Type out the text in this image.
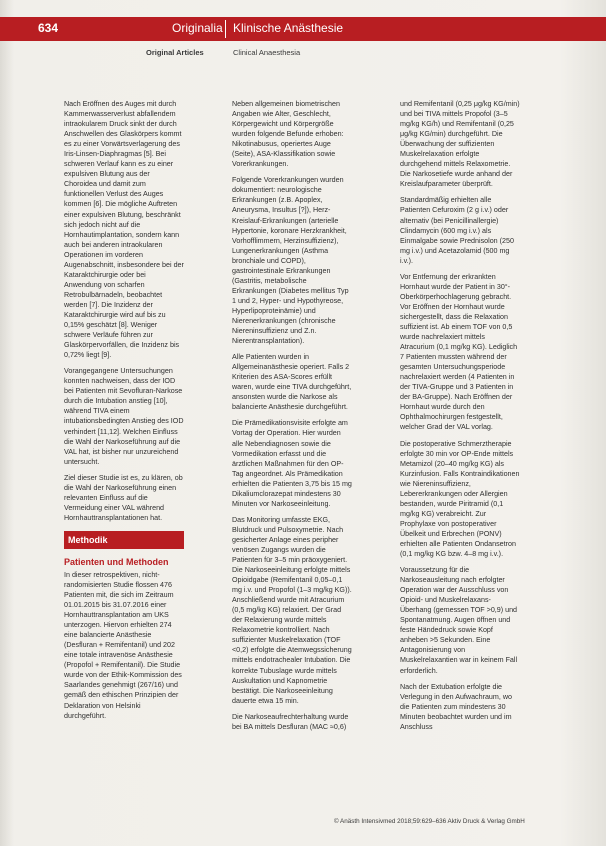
634	Originalia Klinische Anästhesie
Original Articles	Clinical Anaesthesia

Nach Eröffnen des Auges mit durch Kammerwasserverlust abfallendem intraokularem Druck sinkt der durch Anschwellen des Glaskörpers kommt es zu einer Vorwärtsverlagerung des Iris-Linsen-Diaphragmas [5]. Bei schweren Verlauf kann es zu einer expulsiven Blutung aus der Choroidea und damit zum funktionellen Verlust des Auges kommen [6]. Die mögliche Auftreten einer expulsiven Blutung, beschränkt sich jedoch nicht auf die Hornhautimplantation, sondern kann auch bei anderen intraokularen Operationen im vorderen Augenabschnitt, insbesondere bei der Kataraktchirurgie oder bei Anwendung von scharfen Retrobulbärnadeln, beobachtet werden [7]. Die Inzidenz der Kataraktchirurgie wird auf bis zu 0,15% geschätzt [8]. Weniger schwere Verläufe führen zur Glaskörpervorfällen, die Inzidenz bis 0,72% liegt [9].

Vorangegangene Untersuchungen konnten nachweisen, dass der IOD bei Patienten mit Sevofluran-Narkose durch die Intubation anstieg [10], während TIVA einem intubationsbedingten Anstieg des IOD verhindert [11,12]. Welchen Einfluss die Wahl der Narkoseführung auf die VAL hat, ist bisher nur unzureichend untersucht.

Ziel dieser Studie ist es, zu klären, ob die Wahl der Narkoseführung einen relevanten Einfluss auf die Vermeidung einer VAL während Hornhauttransplantationen hat.

Methodik
Patienten und Methoden

In dieser retrospektiven, nicht-randomisierten Studie flossen 476 Patienten mit, die sich im Zeitraum 01.01.2015 bis 31.07.2016 einer Hornhauttransplantation am UKS unterzogen. Hiervon erhielten 274 eine balancierte Anästhesie (Desfluran + Remifentanil) und 202 eine totale intravenöse Anästhesie (Propofol + Remifentanil). Die Studie wurde von der Ethik-Kommission des Saarlandes genehmigt (267/16) und gemäß den ethischen Prinzipien der Deklaration von Helsinki durchgeführt.

Neben allgemeinen biometrischen Angaben wie Alter, Geschlecht, Körpergewicht und Körpergröße wurden folgende Befunde erhoben: Nikotinabusus, operiertes Auge (Seite), ASA-Klassifikation sowie Vorerkrankungen.

Folgende Vorerkrankungen wurden dokumentiert: neurologische Erkrankungen (z.B. Apoplex, Aneurysma, Insultus [?]), Herz-Kreislauf-Erkrankungen (arterielle Hypertonie, koronare Herzkrankheit, Vorhofflimmern, Herzinsuffizienz), Lungenerkrankungen (Asthma bronchiale und COPD), gastrointestinale Erkrankungen (Gastritis, metabolische Erkrankungen (Diabetes mellitus Typ 1 und 2, Hyper- und Hypothyreose, Hyperlipoproteinämie) und Nierenerkrankungen (chronische Niereninsuffizienz und Z.n. Nierentransplantation).

Alle Patienten wurden in Allgemeinanästhesie operiert. Falls 2 Kriterien des ASA-Scores erfüllt waren, wurde eine TIVA durchgeführt, ansonsten wurde die Narkose als balancierte Anästhesie durchgeführt.

Die Prämedikationsvisite erfolgte am Vortag der Operation. Hier wurden alle Nebendiagnosen sowie die Vormedikation erfasst und die ärztlichen Maßnahmen für den OP-Tag angeordnet. Als Prämedikation erhielten die Patienten 3,75 bis 15 mg Dikaliumclorazepat mindestens 30 Minuten vor Narkoseeinleitung.

Das Monitoring umfasste EKG, Blutdruck und Pulsoxymetrie. Nach gesicherter Anlage eines peripher venösen Zugangs wurden die Patienten für 3–5 min präoxygeniert. Die Narkoseeinleitung erfolgte mittels Opioidgabe (Remifentanil 0,05–0,1 mg i.v. und Propofol (1–3 mg/kg KG)). Anschließend wurde mit Atracurium (0,5 mg/kg KG) relaxiert. Der Grad der Relaxierung wurde mittels Relaxometrie kontrolliert. Nach suffizienter Muskelrelaxation (TOF <0,2) erfolgte die Atemwegssicherung mittels endotrachealer Intubation. Die korrekte Tubuslage wurde mittels Auskultation und Kapnometrie bestätigt. Die Narkoseeinleitung dauerte etwa 15 min.

Die Narkoseaufrechterhaltung wurde bei BA mittels Desfluran (MAC ≈0,6)

und Remifentanil (0,25 μg/kg KG/min) und bei TIVA mittels Propofol (3–5 mg/kg KG/h) und Remifentanil (0,25 μg/kg KG/min) durchgeführt. Die Überwachung der suffizienten Muskelrelaxation erfolgte durchgehend mittels Relaxometrie. Die Narkosetiefe wurde anhand der Kreislaufparameter überprüft.

Standardmäßig erhielten alle Patienten Cefuroxim (2 g i.v.) oder alternativ (bei Penicillinallergie) Clindamycin (600 mg i.v.) als Einmalgabe sowie Prednisolon (250 mg i.v.) und Acetazolamid (500 mg i.v.).

Vor Entfernung der erkrankten Hornhaut wurde der Patient in 30°-Oberkörperhochlagerung gebracht. Vor Eröffnen der Hornhaut wurde sichergestellt, dass die Relaxation suffizient ist. Ab einem TOF von 0,5 wurde nachrelaxiert mittels Atracurium (0,1 mg/kg KG). Lediglich 7 Patienten mussten während der gesamten Untersuchungsperiode nachrelaxiert werden (4 Patienten in der TIVA-Gruppe und 3 Patienten in der BA-Gruppe). Nach Eröffnen der Hornhaut wurde durch den Ophthalmochirurgen festgestellt, welcher Grad der VAL vorlag.

Die postoperative Schmerztherapie erfolgte 30 min vor OP-Ende mittels Metamizol (20–40 mg/kg KG) als Kurzinfusion. Falls Kontraindikationen wie Niereninsuffizienz, Lebererkrankungen oder Allergien bestanden, wurde Piritramid (0,1 mg/kg KG) verabreicht. Zur Prophylaxe von postoperativer Übelkeit und Erbrechen (PONV) erhielten alle Patienten Ondansetron (0,1 mg/kg KG bzw. 4–8 mg i.v.).

Voraussetzung für die Narkoseausleitung nach erfolgter Operation war der Ausschluss von Opioid- und Muskelrelaxans-Überhang (gemessen TOF >0,9) und Spontanatmung. Augen öffnen und feste Händedruck sowie Kopf anheben >5 Sekunden. Eine Antagonisierung von Muskelrelaxantien war in keinem Fall erforderlich.

Nach der Extubation erfolgte die Verlegung in den Aufwachraum, wo die Patienten zum mindestens 30 Minuten beobachtet wurden und im Anschluss

© Anästh Intensivmed 2018;59:629–636 Aktiv Druck & Verlag GmbH
